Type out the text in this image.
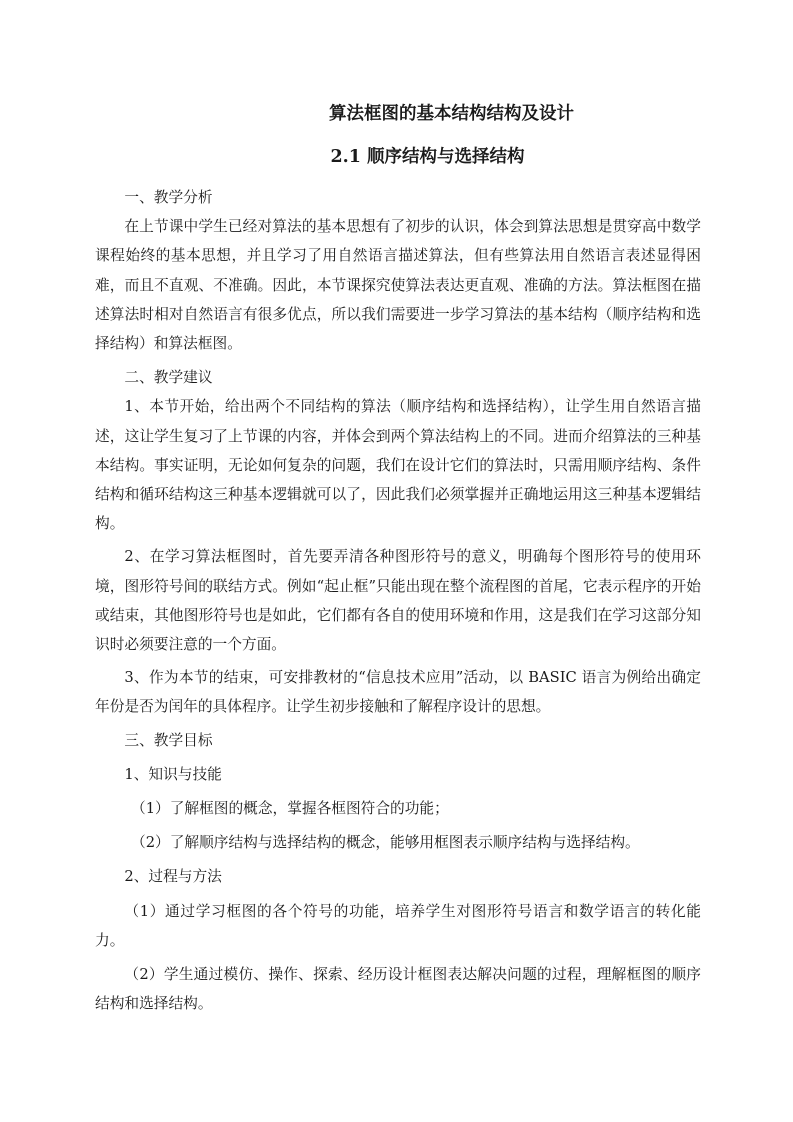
算法框图的基本结构结构及设计
2.1 顺序结构与选择结构

一、教学分析

在上节课中学生已经对算法的基本思想有了初步的认识，体会到算法思想是贯穿高中数学课程始终的基本思想，并且学习了用自然语言描述算法，但有些算法用自然语言表述显得困难，而且不直观、不准确。因此，本节课探究使算法表达更直观、准确的方法。算法框图在描述算法时相对自然语言有很多优点，所以我们需要进一步学习算法的基本结构（顺序结构和选择结构）和算法框图。

二、教学建议

1、本节开始，给出两个不同结构的算法（顺序结构和选择结构），让学生用自然语言描述，这让学生复习了上节课的内容，并体会到两个算法结构上的不同。进而介绍算法的三种基本结构。事实证明，无论如何复杂的问题，我们在设计它们的算法时，只需用顺序结构、条件结构和循环结构这三种基本逻辑就可以了，因此我们必须掌握并正确地运用这三种基本逻辑结构。

2、在学习算法框图时，首先要弄清各种图形符号的意义，明确每个图形符号的使用环境，图形符号间的联结方式。例如“起止框”只能出现在整个流程图的首尾，它表示程序的开始或结束，其他图形符号也是如此，它们都有各自的使用环境和作用，这是我们在学习这部分知识时必须要注意的一个方面。

3、作为本节的结束，可安排教材的“信息技术应用”活动，以 BASIC 语言为例给出确定年份是否为闰年的具体程序。让学生初步接触和了解程序设计的思想。

三、教学目标

1、知识与技能

（1）了解框图的概念，掌握各框图符合的功能；

（2）了解顺序结构与选择结构的概念，能够用框图表示顺序结构与选择结构。

2、过程与方法

（1）通过学习框图的各个符号的功能，培养学生对图形符号语言和数学语言的转化能力。

（2）学生通过模仿、操作、探索、经历设计框图表达解决问题的过程，理解框图的顺序结构和选择结构。
